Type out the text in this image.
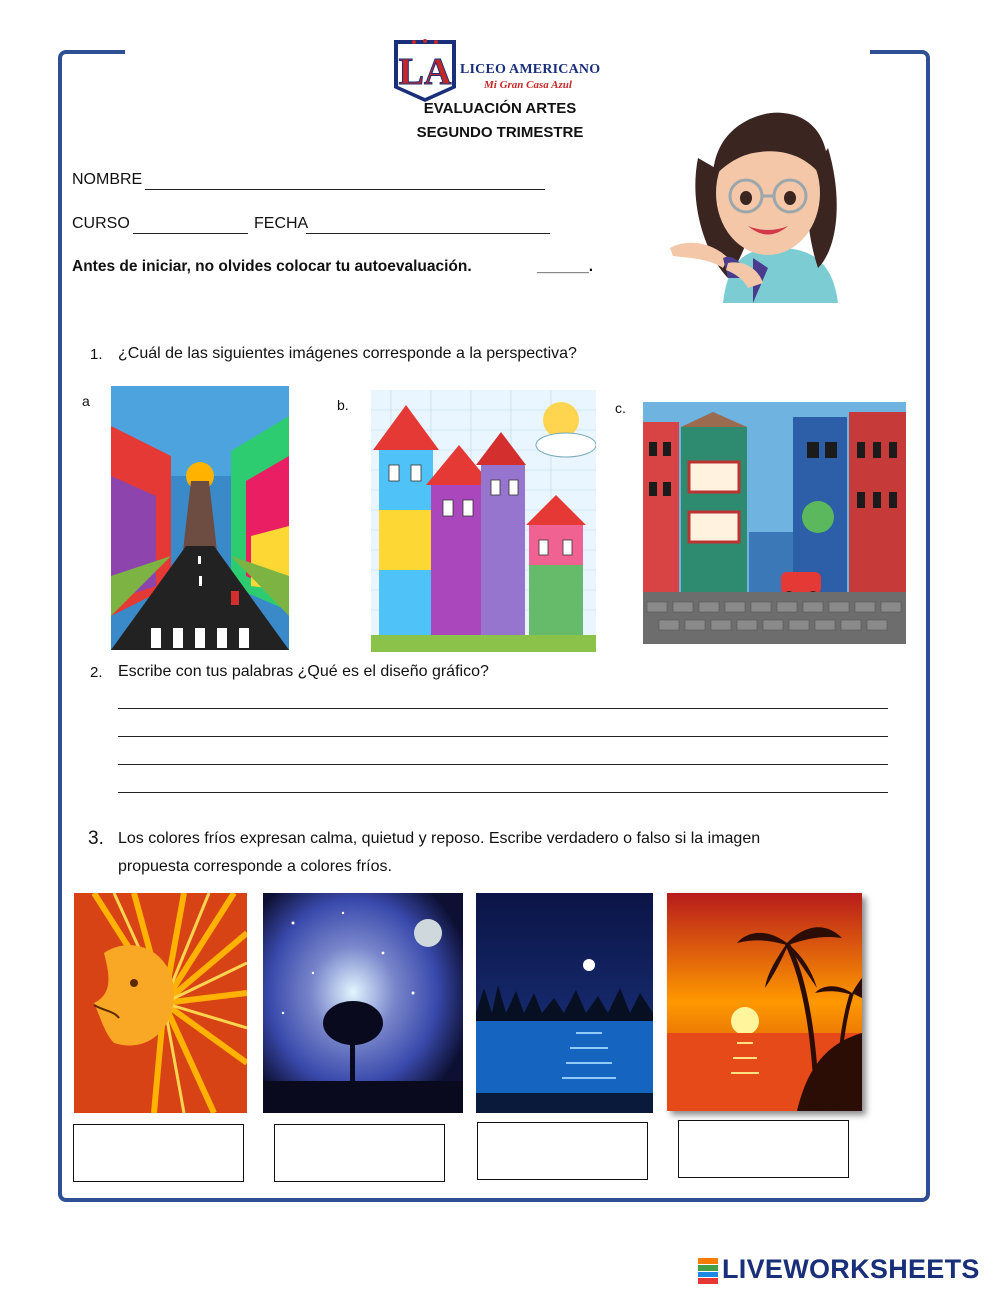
LA LICEO AMERICANO
Mi Gran Casa Azul
EVALUACIÓN ARTES
SEGUNDO TRIMESTRE
NOMBRE
CURSO	FECHA
Antes de iniciar, no olvides colocar tu autoevaluación.	______.
1. ¿Cuál de las siguientes imágenes corresponde a la perspectiva?
a	b.	c.
2. Escribe con tus palabras ¿Qué es el diseño gráfico?
3. Los colores fríos expresan calma, quietud y reposo. Escribe verdadero o falso si la imagen
propuesta corresponde a colores fríos.
LIVEWORKSHEETS
